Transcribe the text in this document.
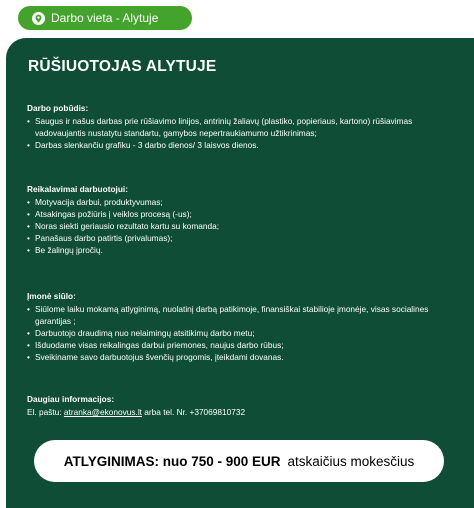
Darbo vieta - Alytuje
RŪŠIUOTOJAS ALYTUJE
Darbo pobūdis:
• Saugus ir našus darbas prie rūšiavimo linijos, antrinių žaliavų (plastiko, popieriaus, kartono) rūšiavimas vadovaujantis nustatytu standartu, gamybos nepertraukiamumo užtikrinimas;
• Darbas slenkančiu grafiku - 3 darbo dienos/ 3 laisvos dienos.
Reikalavimai darbuotojui:
• Motyvacija darbui, produktyvumas;
• Atsakingas požiūris į veiklos procesą (-us);
• Noras siekti geriausio rezultato kartu su komanda;
• Panašaus darbo patirtis (privalumas);
• Be žalingų įpročių.
Įmonė siūlo:
• Siūlome laiku mokamą atlyginimą, nuolatinį darbą patikimoje, finansiškai stabilioje įmonėje, visas socialines garantijas ;
• Darbuotojo draudimą nuo nelaimingų atsitikimų darbo metu;
• Išduodame visas reikalingas darbui priemones, naujus darbo rūbus;
• Sveikiname savo darbuotojus švenčių progomis, įteikdami dovanas.
Daugiau informacijos:
El. paštu: atranka@ekonovus.lt arba tel. Nr. +37069810732
ATLYGINIMAS: nuo 750 - 900 EUR atskaičius mokesčius
